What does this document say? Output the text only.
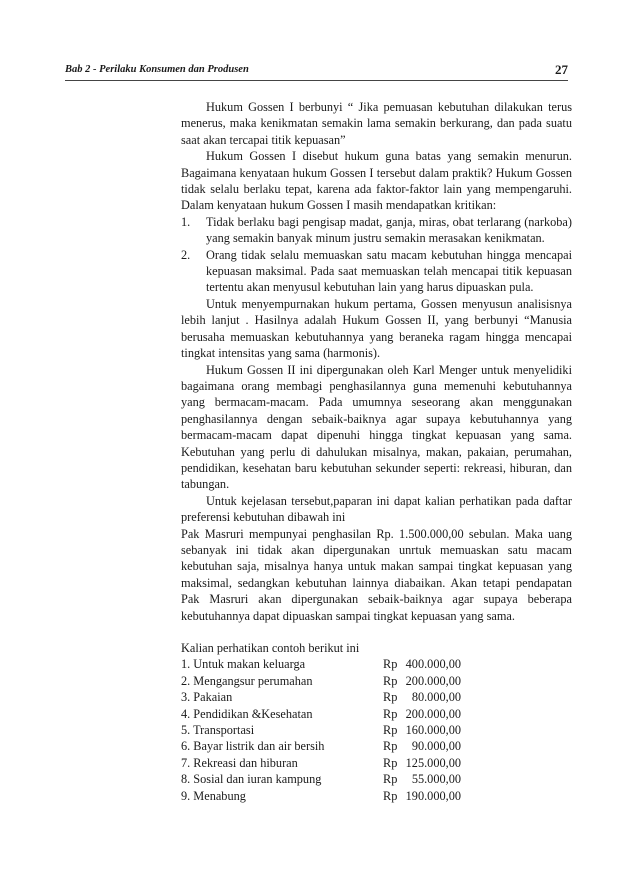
Bab 2 - Perilaku Konsumen dan Produsen	27

Hukum Gossen I berbunyi “ Jika pemuasan kebutuhan dilakukan terus menerus, maka kenikmatan semakin lama semakin berkurang, dan pada suatu saat akan tercapai titik kepuasan”

Hukum Gossen I disebut hukum guna batas yang semakin menurun. Bagaimana kenyataan hukum Gossen I tersebut dalam praktik? Hukum Gossen tidak selalu berlaku tepat, karena ada faktor-faktor lain yang mempengaruhi. Dalam kenyataan hukum Gossen I masih mendapatkan kritikan:

1.	Tidak berlaku bagi pengisap madat, ganja, miras, obat terlarang (narkoba) yang semakin banyak minum justru semakin merasakan kenikmatan.
2.	Orang tidak selalu memuaskan satu macam kebutuhan hingga mencapai kepuasan maksimal. Pada saat memuaskan telah mencapai titik kepuasan tertentu akan menyusul kebutuhan lain yang harus dipuaskan pula.

Untuk menyempurnakan hukum pertama, Gossen menyusun analisisnya lebih lanjut . Hasilnya adalah Hukum Gossen II, yang berbunyi “Manusia berusaha memuaskan kebutuhannya yang beraneka ragam hingga mencapai tingkat intensitas yang sama (harmonis).

Hukum Gossen II ini dipergunakan oleh Karl Menger untuk menyelidiki bagaimana orang membagi penghasilannya guna memenuhi kebutuhannya yang bermacam-macam. Pada umumnya seseorang akan menggunakan penghasilannya dengan sebaik-baiknya agar supaya kebutuhannya yang bermacam-macam dapat dipenuhi hingga tingkat kepuasan yang sama. Kebutuhan yang perlu di dahulukan misalnya, makan, pakaian, perumahan, pendidikan, kesehatan baru kebutuhan sekunder seperti: rekreasi, hiburan, dan tabungan.

Untuk kejelasan tersebut,paparan ini dapat kalian perhatikan pada daftar preferensi kebutuhan dibawah ini

Pak Masruri mempunyai penghasilan Rp. 1.500.000,00 sebulan. Maka uang sebanyak ini tidak akan dipergunakan unrtuk memuaskan satu macam kebutuhan saja, misalnya hanya untuk makan sampai tingkat kepuasan yang maksimal, sedangkan kebutuhan lainnya diabaikan. Akan tetapi pendapatan Pak Masruri akan dipergunakan sebaik-baiknya agar supaya beberapa kebutuhannya dapat dipuaskan sampai tingkat kepuasan yang sama.

Kalian perhatikan contoh berikut ini

1. Untuk makan keluarga	Rp 400.000,00
2. Mengangsur perumahan	Rp 200.000,00
3. Pakaian	Rp 80.000,00
4. Pendidikan &Kesehatan	Rp 200.000,00
5. Transportasi	Rp 160.000,00
6. Bayar listrik dan air bersih	Rp 90.000,00
7. Rekreasi dan hiburan	Rp 125.000,00
8. Sosial dan iuran kampung	Rp 55.000,00
9. Menabung	Rp 190.000,00
